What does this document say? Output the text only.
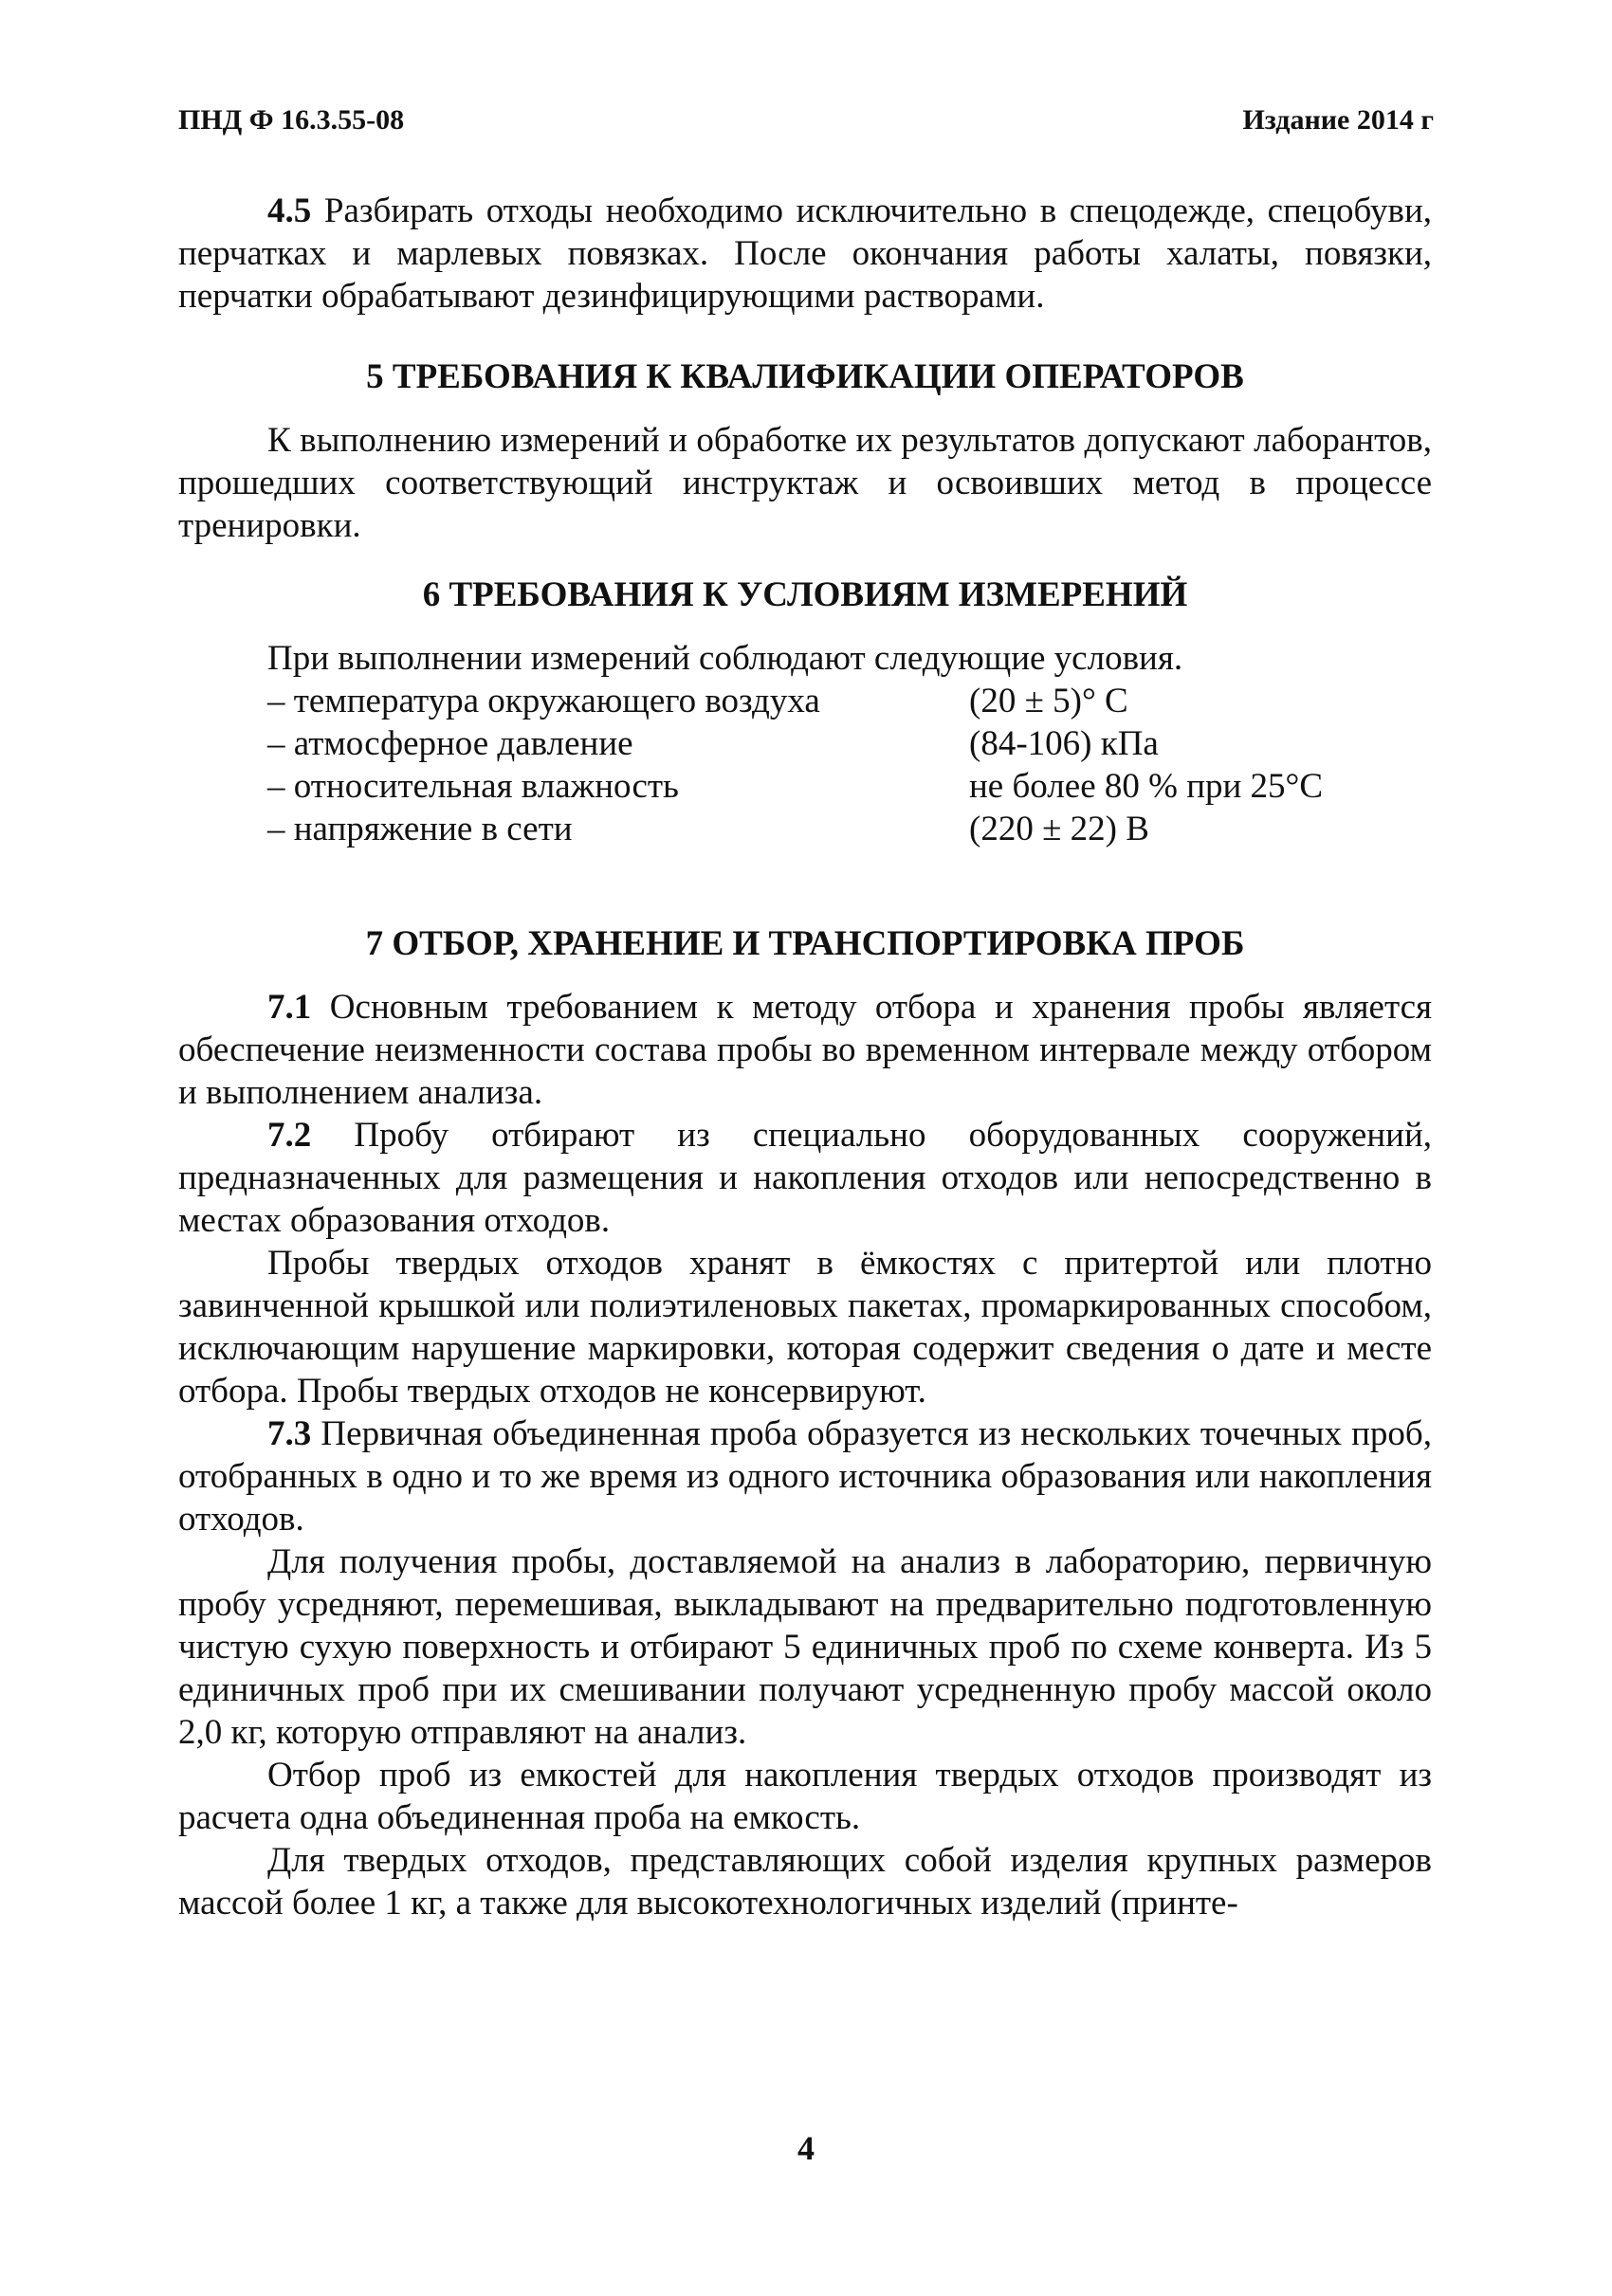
ПНД Ф 16.3.55-08	Издание 2014 г

4.5 Разбирать отходы необходимо исключительно в спецодежде, спецобуви, перчатках и марлевых повязках. После окончания работы халаты, повязки, перчатки обрабатывают дезинфицирующими растворами.

5 ТРЕБОВАНИЯ К КВАЛИФИКАЦИИ ОПЕРАТОРОВ

К выполнению измерений и обработке их результатов допускают лаборантов, прошедших соответствующий инструктаж и освоивших метод в процессе тренировки.

6 ТРЕБОВАНИЯ К УСЛОВИЯМ ИЗМЕРЕНИЙ

При выполнении измерений соблюдают следующие условия.

– температура окружающего воздуха	(20 ± 5)° С
– атмосферное давление	(84-106) кПа
– относительная влажность	не более 80 % при 25°С
– напряжение в сети	(220 ± 22) В
7 ОТБОР, ХРАНЕНИЕ И ТРАНСПОРТИРОВКА ПРОБ

7.1 Основным требованием к методу отбора и хранения пробы является обеспечение неизменности состава пробы во временном интервале между отбором и выполнением анализа.

7.2 Пробу отбирают из специально оборудованных сооружений, предназначенных для размещения и накопления отходов или непосредственно в местах образования отходов.

Пробы твердых отходов хранят в ёмкостях с притертой или плотно завинченной крышкой или полиэтиленовых пакетах, промаркированных способом, исключающим нарушение маркировки, которая содержит сведения о дате и месте отбора. Пробы твердых отходов не консервируют.

7.3 Первичная объединенная проба образуется из нескольких точечных проб, отобранных в одно и то же время из одного источника образования или накопления отходов.

Для получения пробы, доставляемой на анализ в лабораторию, первичную пробу усредняют, перемешивая, выкладывают на предварительно подготовленную чистую сухую поверхность и отбирают 5 единичных проб по схеме конверта. Из 5 единичных проб при их смешивании получают усредненную пробу массой около 2,0 кг, которую отправляют на анализ.

Отбор проб из емкостей для накопления твердых отходов производят из расчета одна объединенная проба на емкость.

Для твердых отходов, представляющих собой изделия крупных размеров массой более 1 кг, а также для высокотехнологичных изделий (принте-

4
